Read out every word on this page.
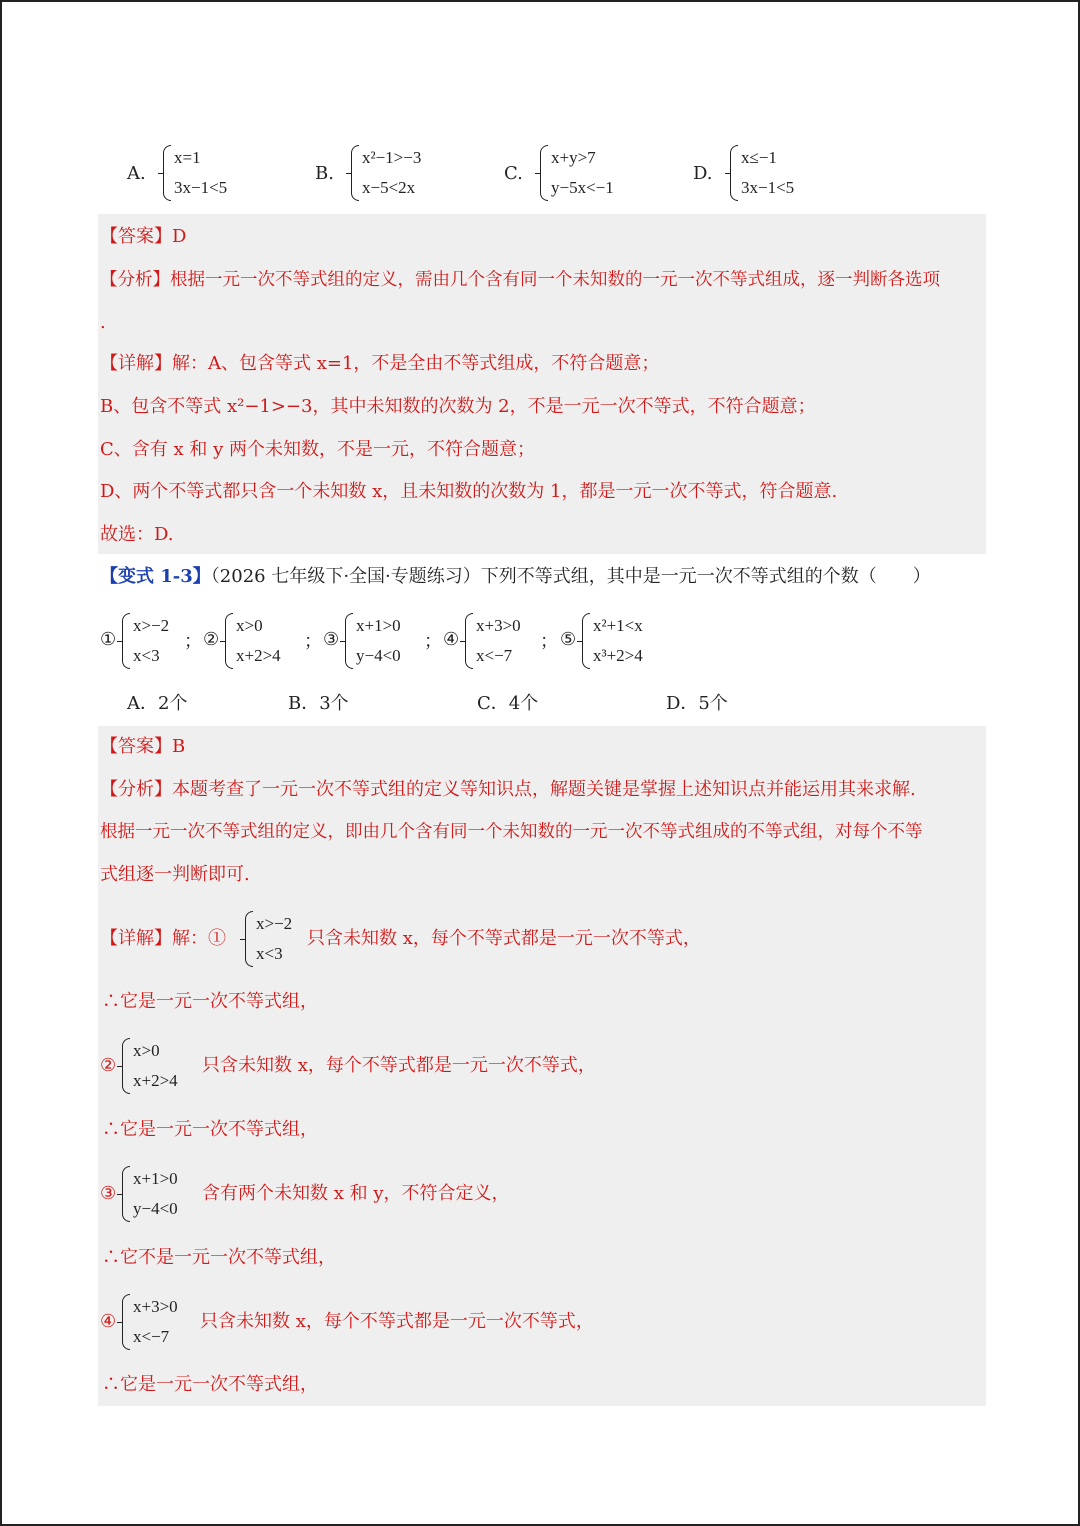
A.
x=1
3x−1<5
B.
x²−1>−3
x−5<2x
C.
x+y>7
y−5x<−1
D.
x≤−1
3x−1<5
【答案】D
【分析】根据一元一次不等式组的定义，需由几个含有同一个未知数的一元一次不等式组成，逐一判断各选项
.
【详解】解：A、包含等式 x=1，不是全由不等式组成，不符合题意；
B、包含不等式 x²−1>−3，其中未知数的次数为 2，不是一元一次不等式，不符合题意；
C、含有 x 和 y 两个未知数，不是一元，不符合题意；
D、两个不等式都只含一个未知数 x，且未知数的次数为 1，都是一元一次不等式，符合题意.
故选：D.
【变式 1-3】（2026 七年级下·全国·专题练习）下列不等式组，其中是一元一次不等式组的个数（　　）
①
x>−2
x<3
； ②
x>0
x+2>4
； ③
x+1>0
y−4<0
； ④
x+3>0
x<−7
； ⑤
x²+1<x
x³+2>4
A．2个	B．3个	C．4个	D．5个
【答案】B
【分析】本题考查了一元一次不等式组的定义等知识点，解题关键是掌握上述知识点并能运用其来求解.
根据一元一次不等式组的定义，即由几个含有同一个未知数的一元一次不等式组成的不等式组，对每个不等
式组逐一判断即可.
【详解】解：①
x>−2
x<3
只含未知数 x，每个不等式都是一元一次不等式，
∴它是一元一次不等式组，
②
x>0
x+2>4
只含未知数 x，每个不等式都是一元一次不等式，
∴它是一元一次不等式组，
③
x+1>0
y−4<0
含有两个未知数 x 和 y，不符合定义，
∴它不是一元一次不等式组，
④
x+3>0
x<−7
只含未知数 x，每个不等式都是一元一次不等式，
∴它是一元一次不等式组，
